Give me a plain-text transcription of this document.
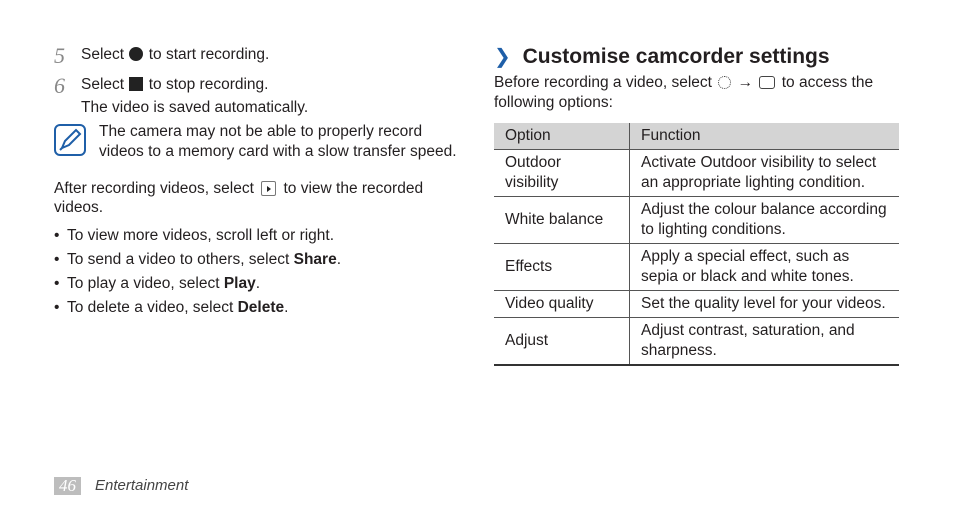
5 Select to start recording.
6 Select to stop recording.
The video is saved automatically.
The camera may not be able to properly record
videos to a memory card with a slow transfer speed.
After recording videos, select to view the recorded
videos.
• To view more videos, scroll left or right.
• To send a video to others, select Share.
• To play a video, select Play.
• To delete a video, select Delete.
❯ Customise camcorder settings
Before recording a video, select → to access the
following options:
Option	Function
Outdoor visibility	Activate Outdoor visibility to select an appropriate lighting condition.
White balance	Adjust the colour balance according to lighting conditions.
Effects	Apply a special effect, such as sepia or black and white tones.
Video quality	Set the quality level for your videos.
Adjust	Adjust contrast, saturation, and sharpness.
46	Entertainment
